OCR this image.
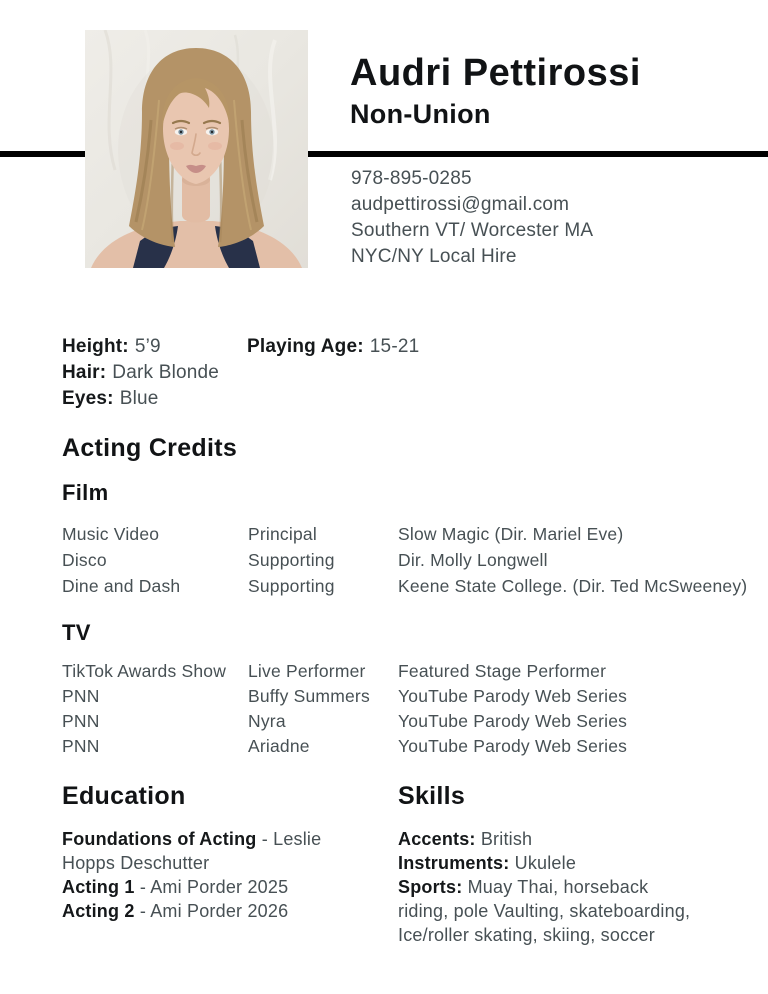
Audri Pettirossi
Non-Union
978-895-0285
audpettirossi@gmail.com
Southern VT/ Worcester MA
NYC/NY Local Hire
Height: 5’9
Hair: Dark Blonde
Eyes: Blue
Playing Age: 15-21
Acting Credits
Film
Music Video	Principal	Slow Magic (Dir. Mariel Eve)
Disco	Supporting	Dir. Molly Longwell
Dine and Dash	Supporting	Keene State College. (Dir. Ted McSweeney)
TV
TikTok Awards Show	Live Performer	Featured Stage Performer
PNN	Buffy Summers	YouTube Parody Web Series
PNN	Nyra	YouTube Parody Web Series
PNN	Ariadne	YouTube Parody Web Series
Education
Foundations of Acting - Leslie Hopps Deschutter
Acting 1 - Ami Porder 2025
Acting 2 - Ami Porder 2026
Skills
Accents: British
Instruments: Ukulele
Sports: Muay Thai, horseback riding, pole Vaulting, skateboarding, Ice/roller skating, skiing, soccer
